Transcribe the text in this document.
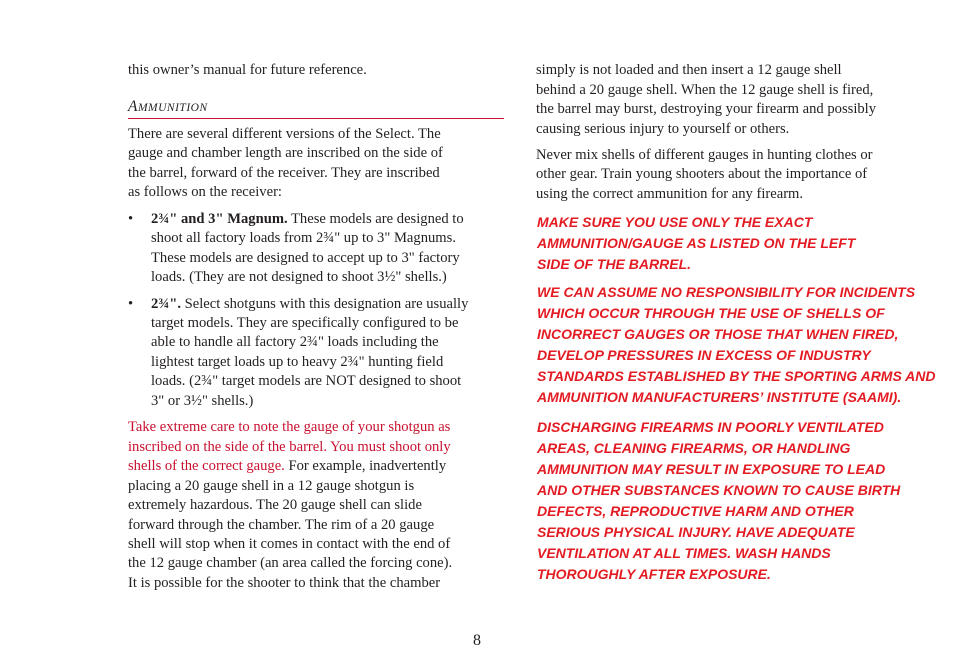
this owner’s manual for future reference.
AMMUNITION
There are several different versions of the Select. The
gauge and chamber length are inscribed on the side of
the barrel, forward of the receiver. They are inscribed
as follows on the receiver:
• 2¾" and 3" Magnum. These models are designed to
shoot all factory loads from 2¾" up to 3" Magnums.
These models are designed to accept up to 3" factory
loads. (They are not designed to shoot 3½" shells.)
• 2¾". Select shotguns with this designation are usually
target models. They are specifically configured to be
able to handle all factory 2¾" loads including the
lightest target loads up to heavy 2¾" hunting field
loads. (2¾" target models are NOT designed to shoot
3" or 3½" shells.)
Take extreme care to note the gauge of your shotgun as
inscribed on the side of the barrel. You must shoot only
shells of the correct gauge. For example, inadvertently
placing a 20 gauge shell in a 12 gauge shotgun is
extremely hazardous. The 20 gauge shell can slide
forward through the chamber. The rim of a 20 gauge
shell will stop when it comes in contact with the end of
the 12 gauge chamber (an area called the forcing cone).
It is possible for the shooter to think that the chamber
simply is not loaded and then insert a 12 gauge shell
behind a 20 gauge shell. When the 12 gauge shell is fired,
the barrel may burst, destroying your firearm and possibly
causing serious injury to yourself or others.
Never mix shells of different gauges in hunting clothes or
other gear. Train young shooters about the importance of
using the correct ammunition for any firearm.
MAKE SURE YOU USE ONLY THE EXACT
AMMUNITION/GAUGE AS LISTED ON THE LEFT
SIDE OF THE BARREL.
WE CAN ASSUME NO RESPONSIBILITY FOR INCIDENTS
WHICH OCCUR THROUGH THE USE OF SHELLS OF
INCORRECT GAUGES OR THOSE THAT WHEN FIRED,
DEVELOP PRESSURES IN EXCESS OF INDUSTRY
STANDARDS ESTABLISHED BY THE SPORTING ARMS AND
AMMUNITION MANUFACTURERS’ INSTITUTE (SAAMI).
DISCHARGING FIREARMS IN POORLY VENTILATED
AREAS, CLEANING FIREARMS, OR HANDLING
AMMUNITION MAY RESULT IN EXPOSURE TO LEAD
AND OTHER SUBSTANCES KNOWN TO CAUSE BIRTH
DEFECTS, REPRODUCTIVE HARM AND OTHER
SERIOUS PHYSICAL INJURY. HAVE ADEQUATE
VENTILATION AT ALL TIMES. WASH HANDS
THOROUGHLY AFTER EXPOSURE.
8
